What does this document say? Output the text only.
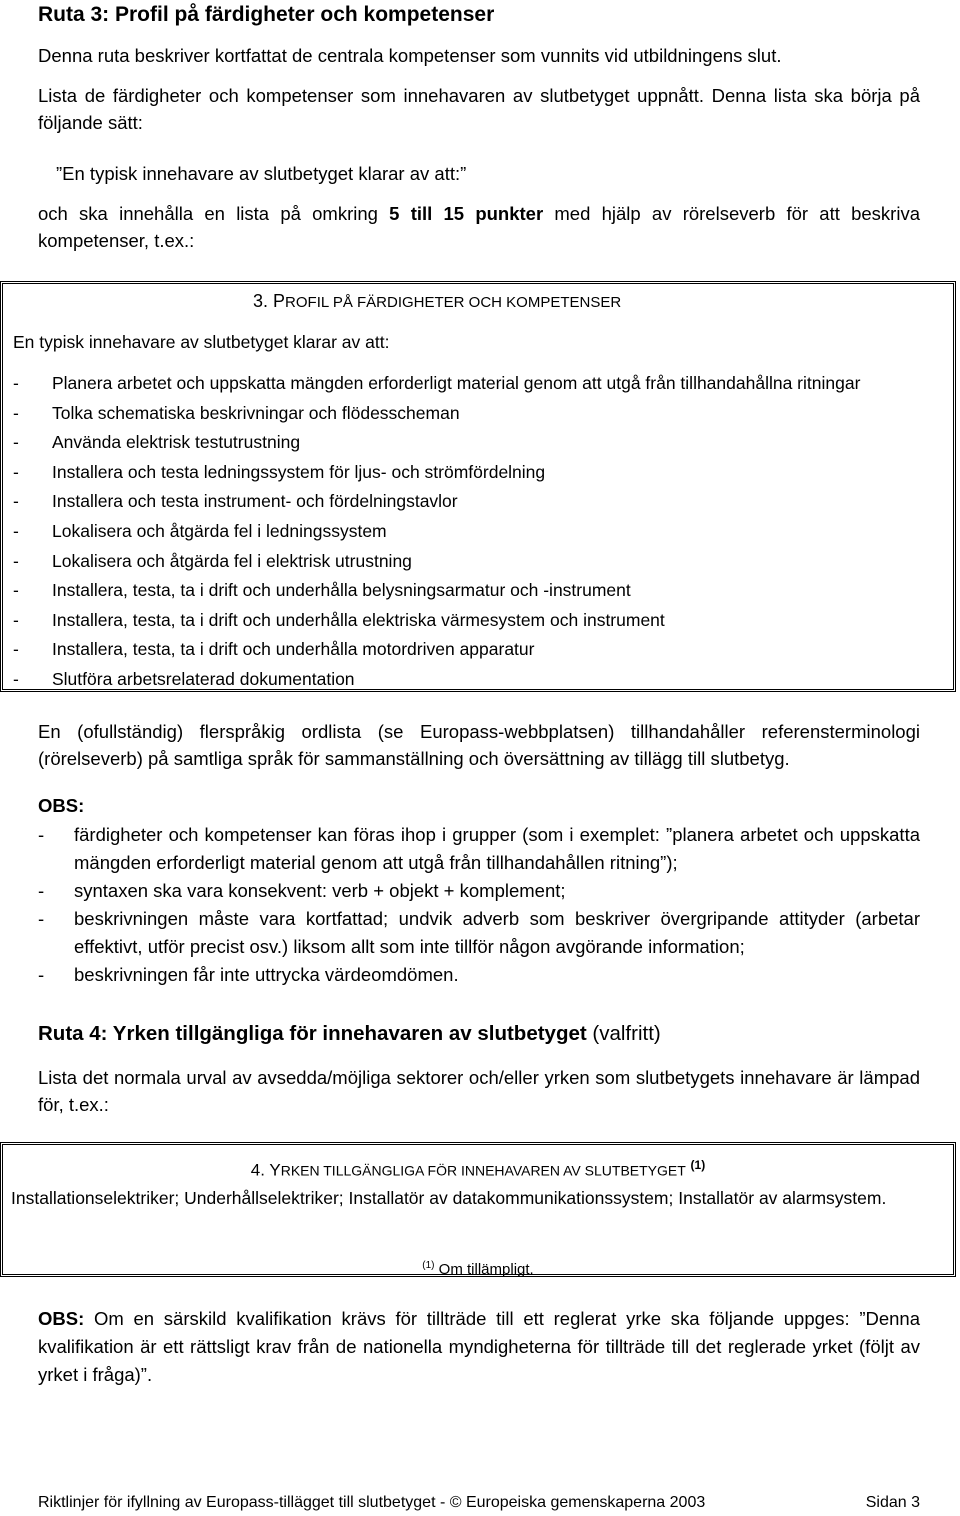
Ruta 3: Profil på färdigheter och kompetenser

Denna ruta beskriver kortfattat de centrala kompetenser som vunnits vid utbildningens slut.

Lista de färdigheter och kompetenser som innehavaren av slutbetyget uppnått. Denna lista ska börja på följande sätt:

”En typisk innehavare av slutbetyget klarar av att:”

och ska innehålla en lista på omkring 5 till 15 punkter med hjälp av rörelseverb för att beskriva kompetenser, t.ex.:

3. PROFIL PÅ FÄRDIGHETER OCH KOMPETENSER
En typisk innehavare av slutbetyget klarar av att:
- Planera arbetet och uppskatta mängden erforderligt material genom att utgå från tillhandahållna ritningar
- Tolka schematiska beskrivningar och flödesscheman
- Använda elektrisk testutrustning
- Installera och testa ledningssystem för ljus- och strömfördelning
- Installera och testa instrument- och fördelningstavlor
- Lokalisera och åtgärda fel i ledningssystem
- Lokalisera och åtgärda fel i elektrisk utrustning
- Installera, testa, ta i drift och underhålla belysningsarmatur och -instrument
- Installera, testa, ta i drift och underhålla elektriska värmesystem och instrument
- Installera, testa, ta i drift och underhålla motordriven apparatur
- Slutföra arbetsrelaterad dokumentation

En (ofullständig) flerspråkig ordlista (se Europass-webbplatsen) tillhandahåller referensterminologi (rörelseverb) på samtliga språk för sammanställning och översättning av tillägg till slutbetyg.

OBS:

- färdigheter och kompetenser kan föras ihop i grupper (som i exemplet: ”planera arbetet och uppskatta mängden erforderligt material genom att utgå från tillhandahållen ritning”);
- syntaxen ska vara konsekvent: verb + objekt + komplement;
- beskrivningen måste vara kortfattad; undvik adverb som beskriver övergripande attityder (arbetar effektivt, utför precist osv.) liksom allt som inte tillför någon avgörande information;
- beskrivningen får inte uttrycka värdeomdömen.
Ruta 4: Yrken tillgängliga för innehavaren av slutbetyget (valfritt)

Lista det normala urval av avsedda/möjliga sektorer och/eller yrken som slutbetygets innehavare är lämpad för, t.ex.:

4. YRKEN TILLGÄNGLIGA FÖR INNEHAVAREN AV SLUTBETYGET $^{(1)}$
Installationselektriker; Underhållselektriker; Installatör av datakommunikationssystem; Installatör av alarmsystem.
$^{(1)}$ Om tillämpligt.

OBS: Om en särskild kvalifikation krävs för tillträde till ett reglerat yrke ska följande uppges: ”Denna kvalifikation är ett rättsligt krav från de nationella myndigheterna för tillträde till det reglerade yrket (följt av yrket i fråga)”.

Riktlinjer för ifyllning av Europass-tillägget till slutbetyget - © Europeiska gemenskaperna 2003	Sidan 3
